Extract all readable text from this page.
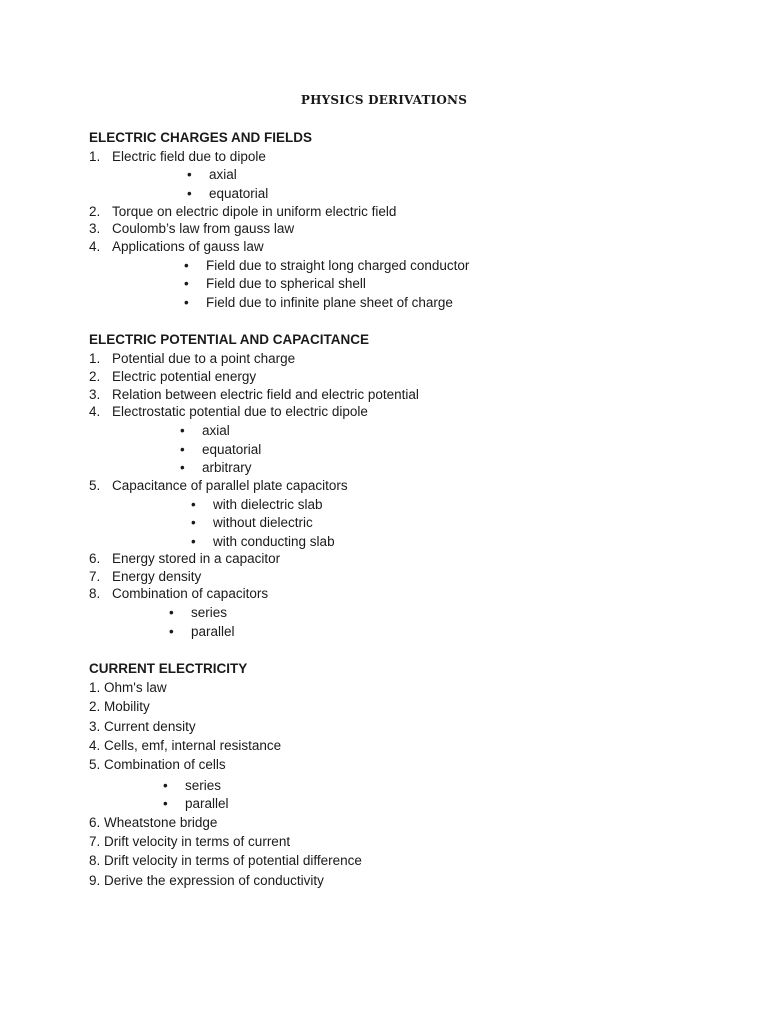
PHYSICS DERIVATIONS
ELECTRIC CHARGES AND FIELDS
1. Electric field due to dipole
• axial
• equatorial
2. Torque on electric dipole in uniform electric field
3. Coulomb’s law from gauss law
4. Applications of gauss law
• Field due to straight long charged conductor
• Field due to spherical shell
• Field due to infinite plane sheet of charge
ELECTRIC POTENTIAL AND CAPACITANCE
1. Potential due to a point charge
2. Electric potential energy
3. Relation between electric field and electric potential
4. Electrostatic potential due to electric dipole
• axial
• equatorial
• arbitrary
5. Capacitance of parallel plate capacitors
• with dielectric slab
• without dielectric
• with conducting slab
6. Energy stored in a capacitor
7. Energy density
8. Combination of capacitors
• series
• parallel
CURRENT ELECTRICITY
1. Ohm's law
2. Mobility
3. Current density
4. Cells, emf, internal resistance
5. Combination of cells
• series
• parallel
6. Wheatstone bridge
7. Drift velocity in terms of current
8. Drift velocity in terms of potential difference
9. Derive the expression of conductivity
